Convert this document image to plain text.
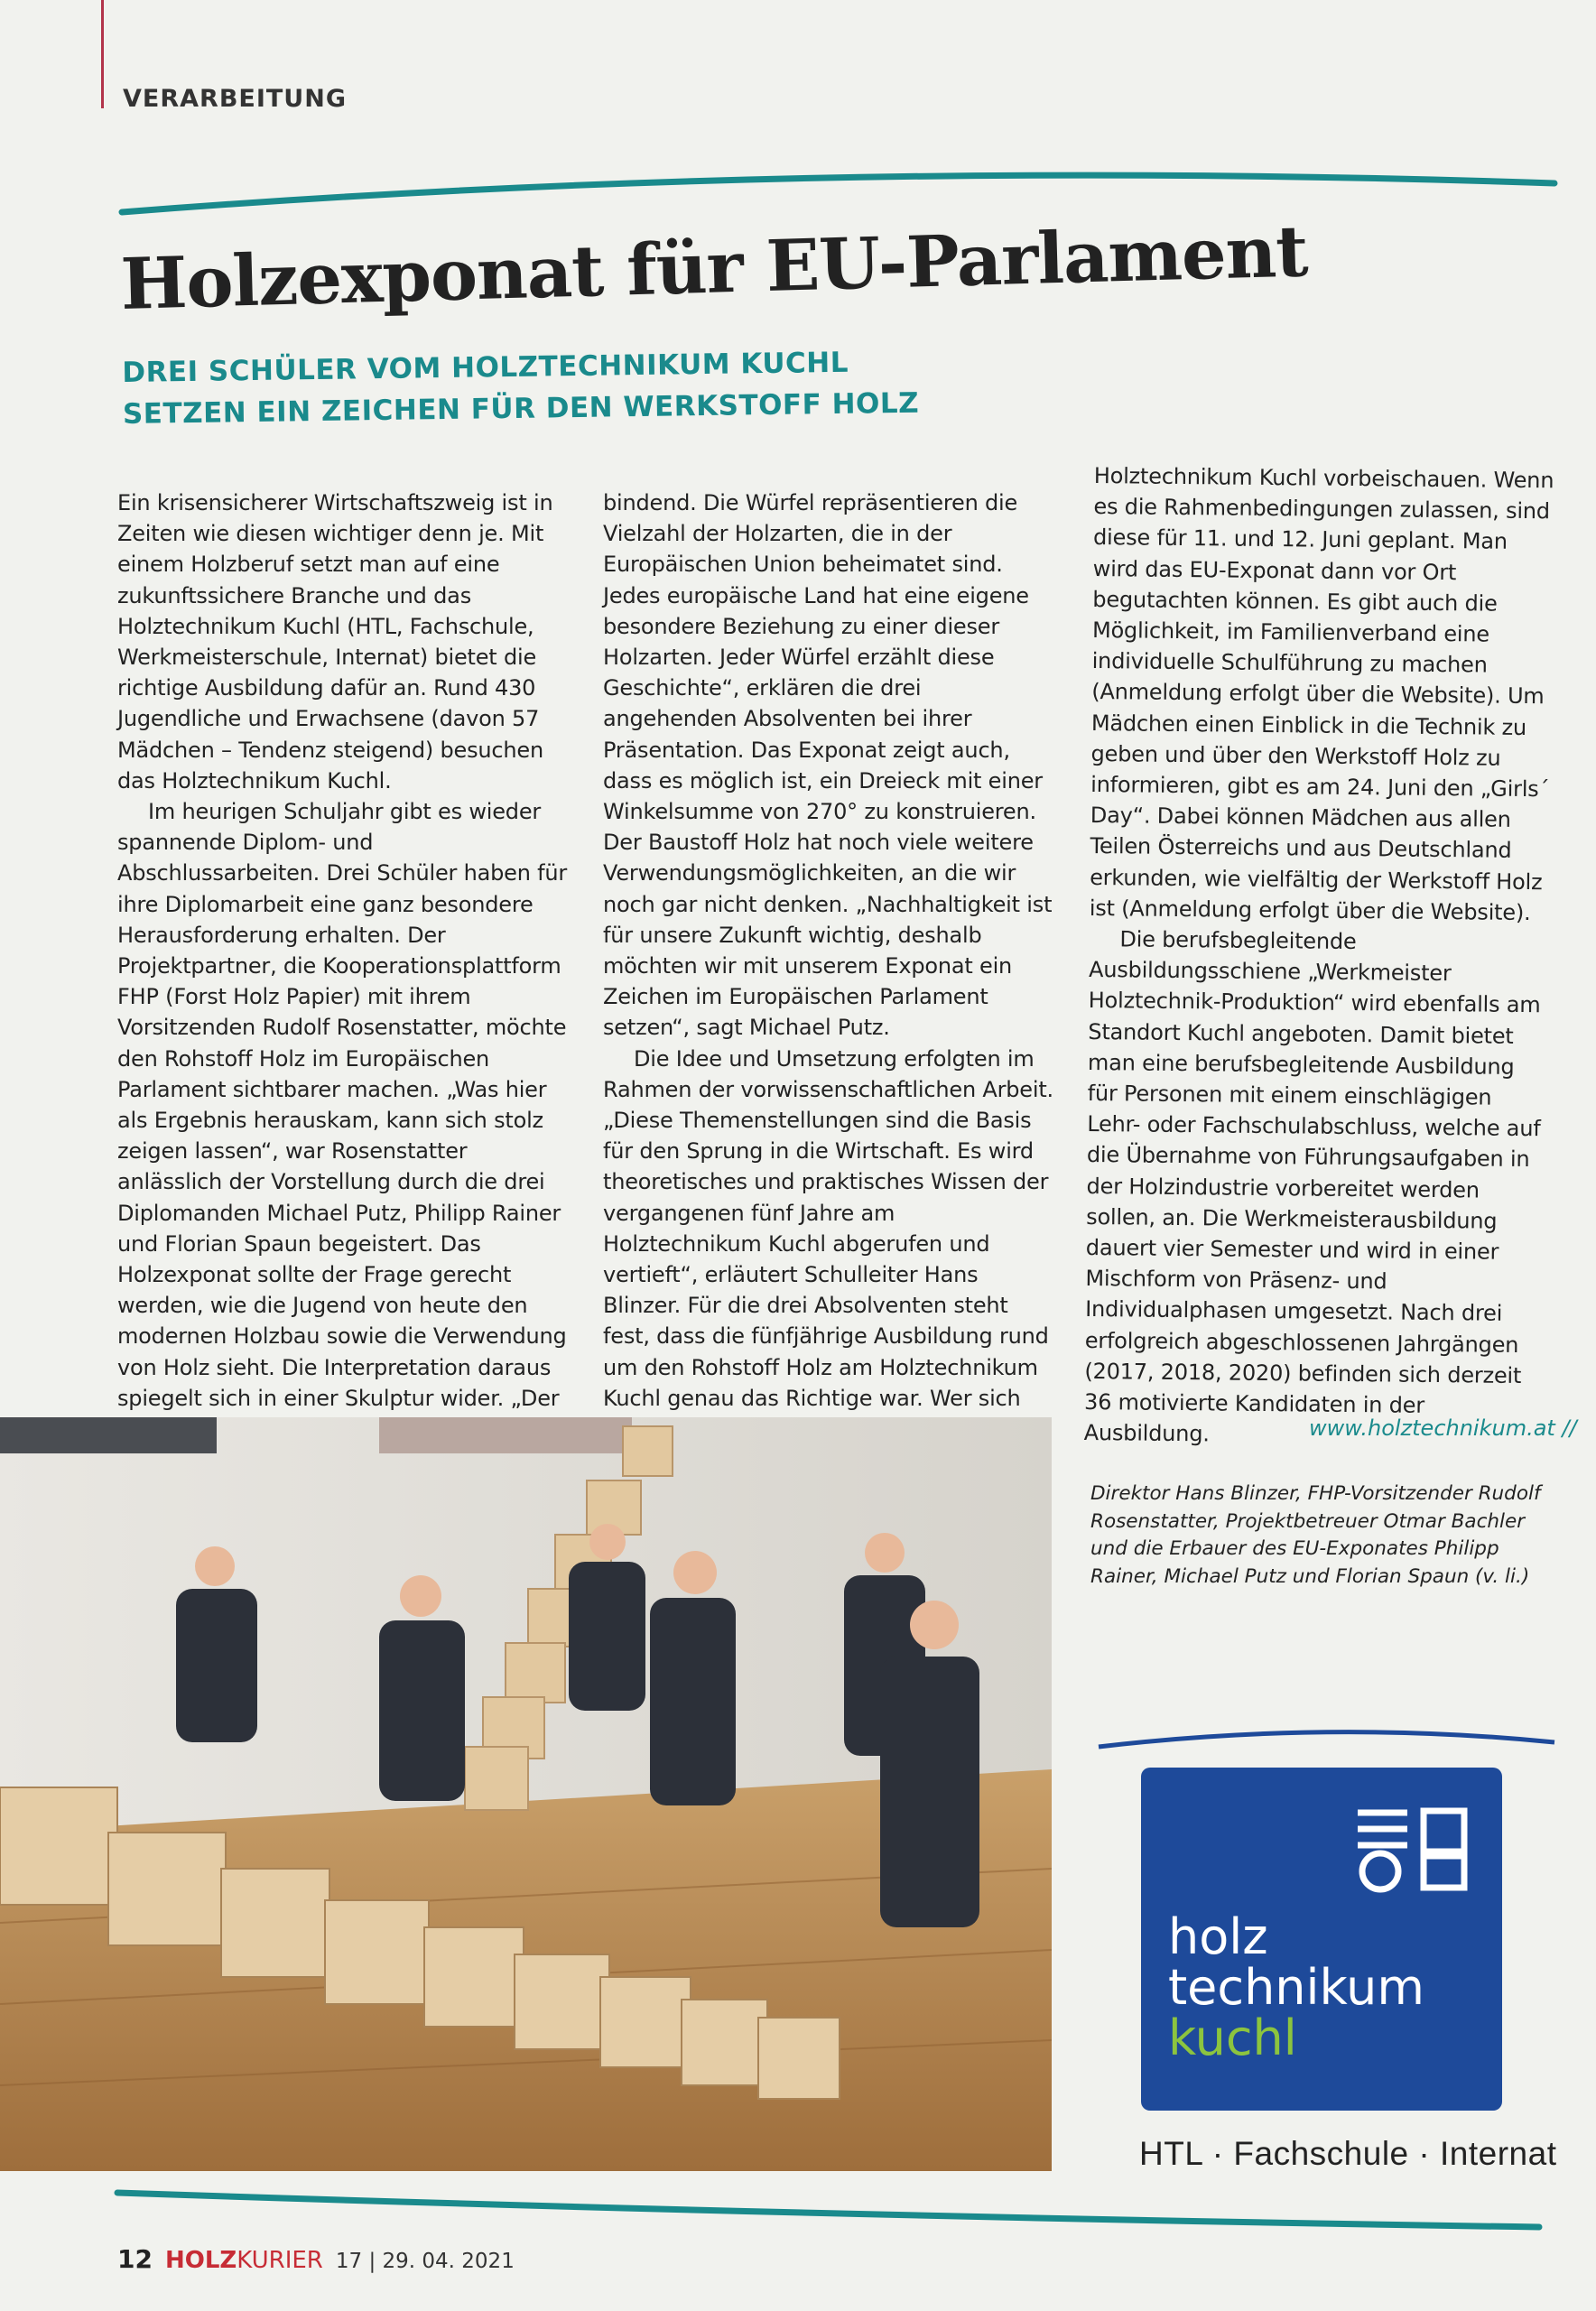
VERARBEITUNG
Holzexponat für EU-Parlament
DREI SCHÜLER VOM HOLZTECHNIKUM KUCHL
SETZEN EIN ZEICHEN FÜR DEN WERKSTOFF HOLZ

Ein krisensicherer Wirtschaftszweig ist in Zeiten wie diesen wichtiger denn je. Mit einem Holzberuf setzt man auf eine zukunftssichere Branche und das Holztechnikum Kuchl (HTL, Fachschule, Werkmeisterschule, Internat) bietet die richtige Ausbildung dafür an. Rund 430 Jugendliche und Erwachsene (davon 57 Mädchen – Tendenz steigend) besuchen das Holztechnikum Kuchl.

Im heurigen Schuljahr gibt es wieder spannende Diplom- und Abschlussarbeiten. Drei Schüler haben für ihre Diplomarbeit eine ganz besondere Herausforderung erhalten. Der Projektpartner, die Kooperationsplattform FHP (Forst Holz Papier) mit ihrem Vorsitzenden Rudolf Rosenstatter, möchte den Rohstoff Holz im Europäischen Parlament sichtbarer machen. „Was hier als Ergebnis herauskam, kann sich stolz zeigen lassen“, war Rosenstatter anlässlich der Vorstellung durch die drei Diplomanden Michael Putz, Philipp Rainer und Florian Spaun begeistert. Das Holzexponat sollte der Frage gerecht werden, wie die Jugend von heute den modernen Holzbau sowie die Verwendung von Holz sieht. Die Interpretation daraus spiegelt sich in einer Skulptur wider. „Der

bindend. Die Würfel repräsentieren die Vielzahl der Holzarten, die in der Europäischen Union beheimatet sind. Jedes europäische Land hat eine eigene besondere Beziehung zu einer dieser Holzarten. Jeder Würfel erzählt diese Geschichte“, erklären die drei angehenden Absolventen bei ihrer Präsentation. Das Exponat zeigt auch, dass es möglich ist, ein Dreieck mit einer Winkelsumme von 270° zu konstruieren. Der Baustoff Holz hat noch viele weitere Verwendungsmöglichkeiten, an die wir noch gar nicht denken. „Nachhaltigkeit ist für unsere Zukunft wichtig, deshalb möchten wir mit unserem Exponat ein Zeichen im Europäischen Parlament setzen“, sagt Michael Putz.

Die Idee und Umsetzung erfolgten im Rahmen der vorwissenschaftlichen Arbeit. „Diese Themenstellungen sind die Basis für den Sprung in die Wirtschaft. Es wird theoretisches und praktisches Wissen der vergangenen fünf Jahre am Holztechnikum Kuchl abgerufen und vertieft“, erläutert Schulleiter Hans Blinzer. Für die drei Absolventen steht fest, dass die fünfjährige Ausbildung rund um den Rohstoff Holz am Holztechnikum Kuchl genau das Richtige war. Wer sich

Holztechnikum Kuchl vorbeischauen. Wenn es die Rahmenbedingungen zulassen, sind diese für 11. und 12. Juni geplant. Man wird das EU-Exponat dann vor Ort begutachten können. Es gibt auch die Möglichkeit, im Familienverband eine individuelle Schulführung zu machen (Anmeldung erfolgt über die Website). Um Mädchen einen Einblick in die Technik zu geben und über den Werkstoff Holz zu informieren, gibt es am 24. Juni den „Girls´ Day“. Dabei können Mädchen aus allen Teilen Österreichs und aus Deutschland erkunden, wie vielfältig der Werkstoff Holz ist (Anmeldung erfolgt über die Website).

Die berufsbegleitende Ausbildungsschiene „Werkmeister Holztechnik-Produktion“ wird ebenfalls am Standort Kuchl angeboten. Damit bietet man eine berufsbegleitende Ausbildung für Personen mit einem einschlägigen Lehr- oder Fachschulabschluss, welche auf die Übernahme von Führungsaufgaben in der Holzindustrie vorbereitet werden sollen, an. Die Werkmeisterausbildung dauert vier Semester und wird in einer Mischform von Präsenz- und Individualphasen umgesetzt. Nach drei erfolgreich abgeschlossenen Jahrgängen (2017, 2018, 2020) befinden sich derzeit 36 motivierte Kandidaten in der Ausbildung.	www.holztechnikum.at //

Direktor Hans Blinzer, FHP-Vorsitzender Rudolf Rosenstatter, Projektbetreuer Otmar Bachler und die Erbauer des EU-Exponates Philipp Rainer, Michael Putz und Florian Spaun (v. li.)

holz
technikum
kuchl
HTL · Fachschule · Internat
12 HOLZKURIER 17 | 29. 04. 2021
